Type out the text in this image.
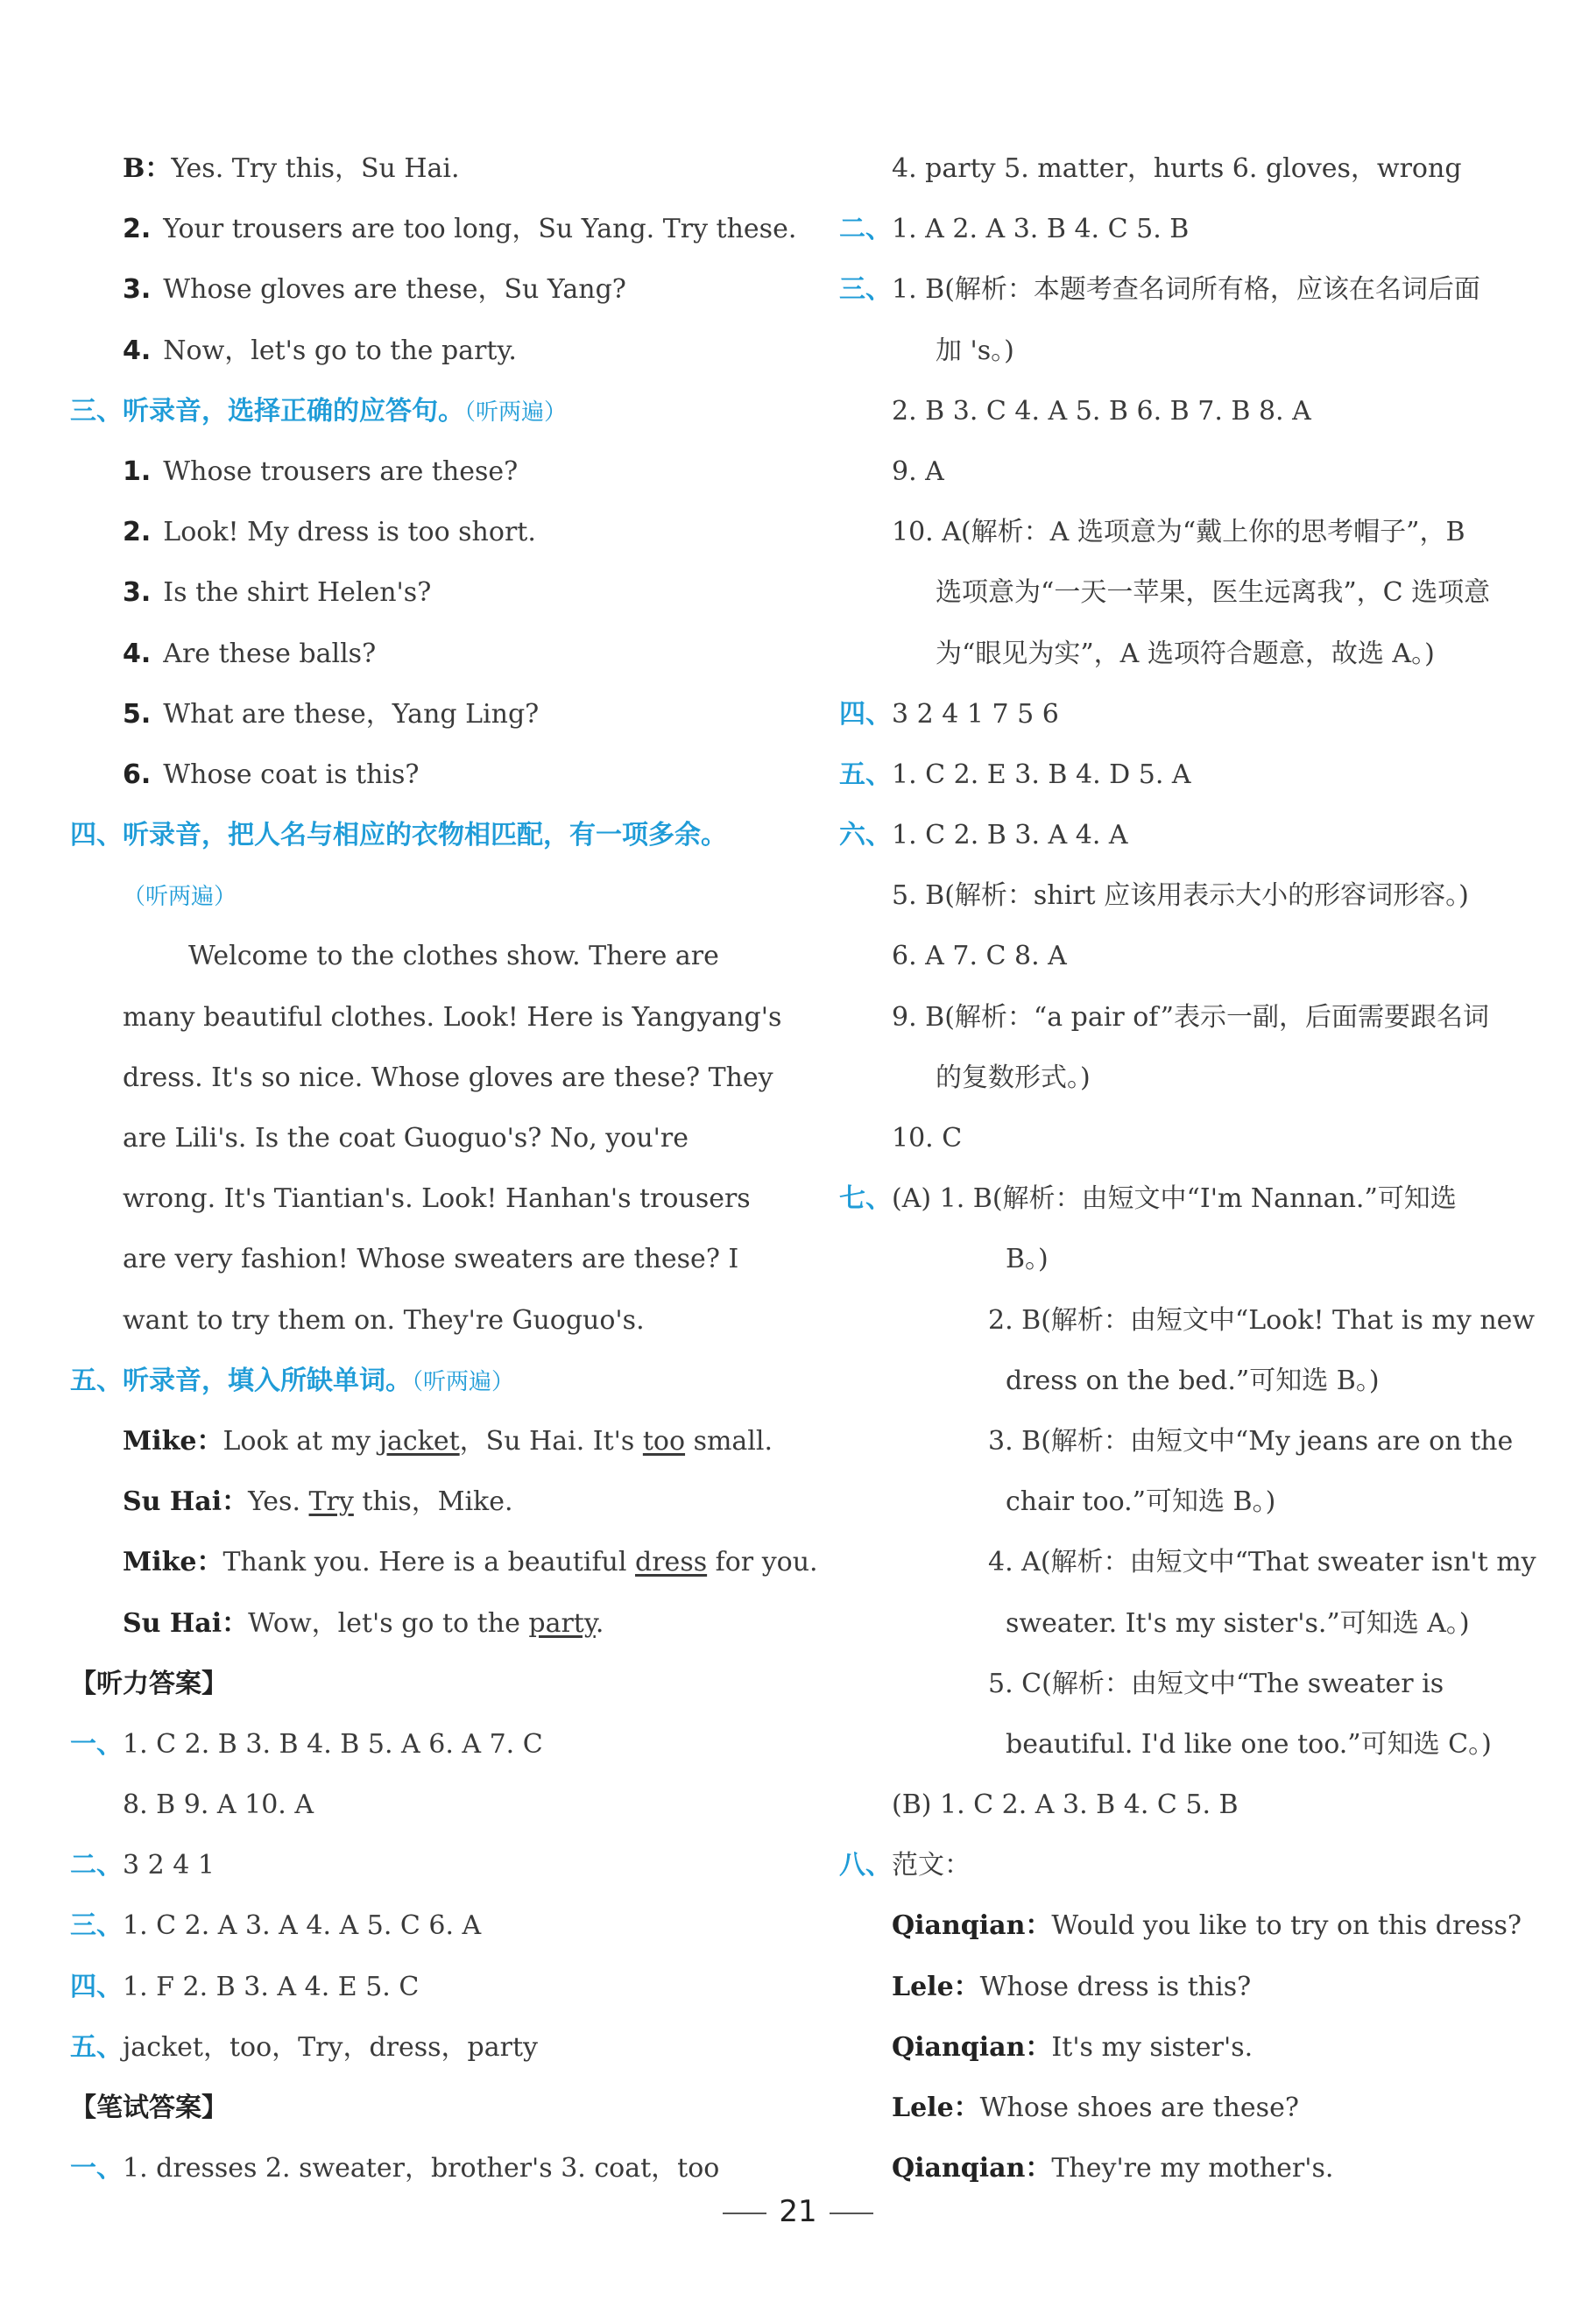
B：Yes. Try this，Su Hai.
2. Your trousers are too long，Su Yang. Try these.
3. Whose gloves are these，Su Yang?
4. Now，let's go to the party.
三、听录音，选择正确的应答句。（听两遍）
1. Whose trousers are these?
2. Look! My dress is too short.
3. Is the shirt Helen's?
4. Are these balls?
5. What are these，Yang Ling?
6. Whose coat is this?
四、听录音，把人名与相应的衣物相匹配，有一项多余。
（听两遍）
Welcome to the clothes show. There are
many beautiful clothes. Look! Here is Yangyang's
dress. It's so nice. Whose gloves are these? They
are Lili's. Is the coat Guoguo's? No, you're
wrong. It's Tiantian's. Look! Hanhan's trousers
are very fashion! Whose sweaters are these? I
want to try them on. They're Guoguo's.
五、听录音，填入所缺单词。（听两遍）
Mike：Look at my jacket，Su Hai. It's too small.
Su Hai：Yes. Try this，Mike.
Mike：Thank you. Here is a beautiful dress for you.
Su Hai：Wow，let's go to the party.
【听力答案】
一、1. C 2. B 3. B 4. B 5. A 6. A 7. C
8. B 9. A 10. A
二、3 2 4 1
三、1. C 2. A 3. A 4. A 5. C 6. A
四、1. F 2. B 3. A 4. E 5. C
五、jacket，too，Try，dress，party
【笔试答案】
一、1. dresses 2. sweater，brother's 3. coat，too
4. party 5. matter，hurts 6. gloves，wrong
二、1. A 2. A 3. B 4. C 5. B
三、1. B(解析：本题考查名词所有格，应该在名词后面
加 's。)
2. B 3. C 4. A 5. B 6. B 7. B 8. A
9. A
10. A(解析：A 选项意为“戴上你的思考帽子”，B
选项意为“一天一苹果，医生远离我”，C 选项意
为“眼见为实”，A 选项符合题意，故选 A。)
四、3 2 4 1 7 5 6
五、1. C 2. E 3. B 4. D 5. A
六、1. C 2. B 3. A 4. A
5. B(解析：shirt 应该用表示大小的形容词形容。)
6. A 7. C 8. A
9. B(解析：“a pair of”表示一副，后面需要跟名词
的复数形式。)
10. C
七、(A) 1. B(解析：由短文中“I'm Nannan.”可知选
B。)
2. B(解析：由短文中“Look! That is my new
dress on the bed.”可知选 B。)
3. B(解析：由短文中“My jeans are on the
chair too.”可知选 B。)
4. A(解析：由短文中“That sweater isn't my
sweater. It's my sister's.”可知选 A。)
5. C(解析：由短文中“The sweater is
beautiful. I'd like one too.”可知选 C。)
(B) 1. C 2. A 3. B 4. C 5. B
八、范文：
Qianqian：Would you like to try on this dress?
Lele：Whose dress is this?
Qianqian：It's my sister's.
Lele：Whose shoes are these?
Qianqian：They're my mother's.
21
